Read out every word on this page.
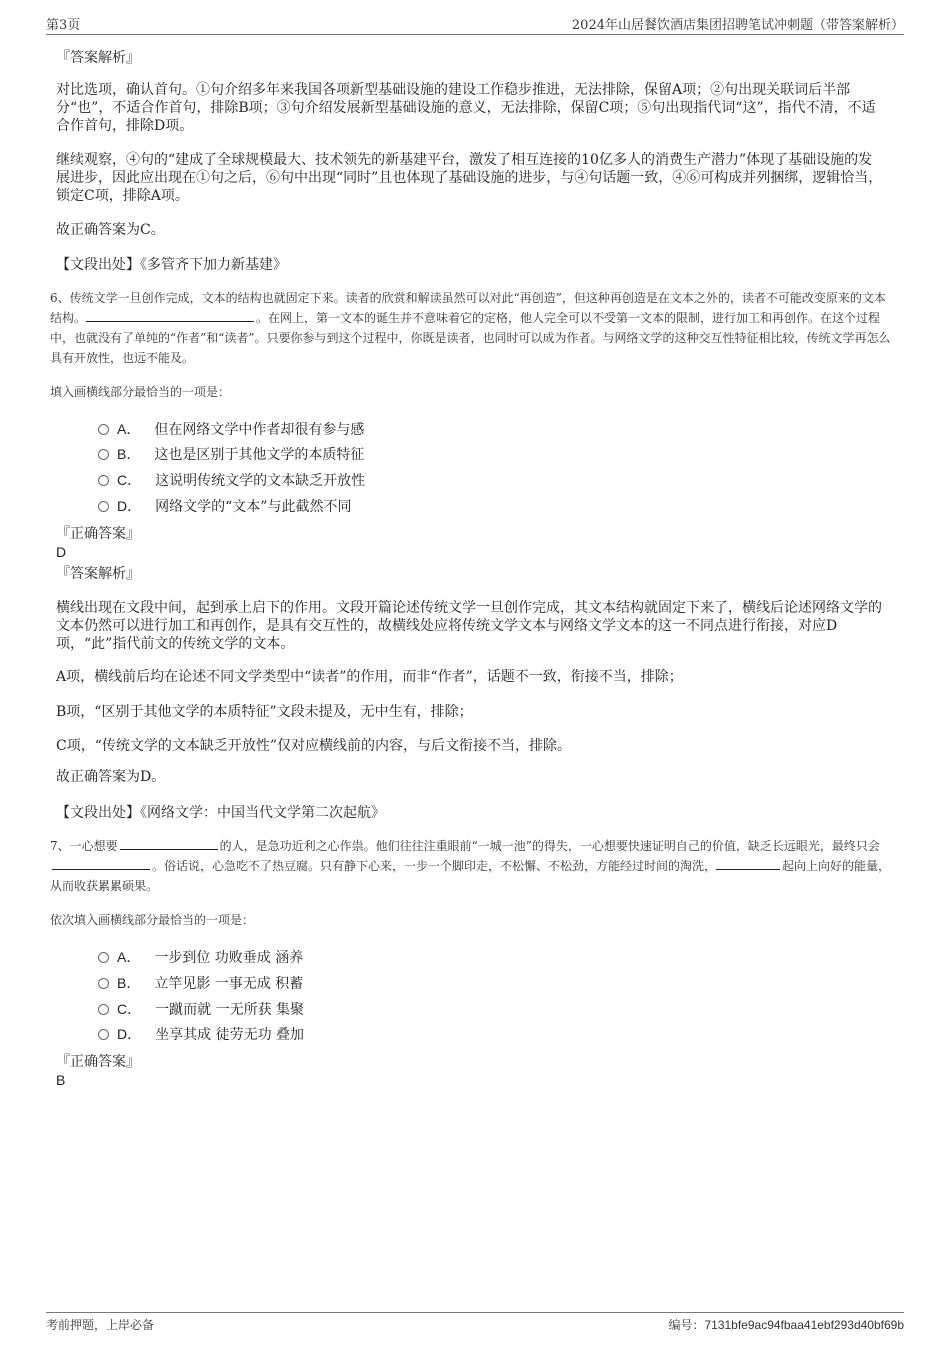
第3页	2024年山居餐饮酒店集团招聘笔试冲刺题（带答案解析）
『答案解析』
对比选项，确认首句。①句介绍多年来我国各项新型基础设施的建设工作稳步推进，无法排除，保留A项；②句出现关联词后半部分“也”，不适合作首句，排除B项；③句介绍发展新型基础设施的意义，无法排除，保留C项；⑤句出现指代词“这”，指代不清，不适合作首句，排除D项。
继续观察，④句的“建成了全球规模最大、技术领先的新基建平台，激发了相互连接的10亿多人的消费生产潜力”体现了基础设施的发展进步，因此应出现在①句之后，⑥句中出现“同时”且也体现了基础设施的进步，与④句话题一致，④⑥可构成并列捆绑，逻辑恰当，锁定C项，排除A项。
故正确答案为C。
【文段出处】《多管齐下加力新基建》
6、传统文学一旦创作完成，文本的结构也就固定下来。读者的欣赏和解读虽然可以对此“再创造”，但这种再创造是在文本之外的，读者不可能改变原来的文本结构。	。在网上，第一文本的诞生并不意味着它的定格，他人完全可以不受第一文本的限制，进行加工和再创作。在这个过程中，也就没有了单纯的“作者”和“读者”。只要你参与到这个过程中，你既是读者，也同时可以成为作者。与网络文学的这种交互性特征相比较，传统文学再怎么具有开放性，也远不能及。
填入画横线部分最恰当的一项是：
A． 但在网络文学中作者却很有参与感
B． 这也是区别于其他文学的本质特征
C． 这说明传统文学的文本缺乏开放性
D． 网络文学的“文本”与此截然不同
『正确答案』
D
『答案解析』
横线出现在文段中间，起到承上启下的作用。文段开篇论述传统文学一旦创作完成，其文本结构就固定下来了，横线后论述网络文学的文本仍然可以进行加工和再创作，是具有交互性的，故横线处应将传统文学文本与网络文学文本的这一不同点进行衔接，对应D项，“此”指代前文的传统文学的文本。
A项，横线前后均在论述不同文学类型中“读者”的作用，而非“作者”，话题不一致，衔接不当，排除；
B项，“区别于其他文学的本质特征”文段未提及，无中生有，排除；
C项，“传统文学的文本缺乏开放性”仅对应横线前的内容，与后文衔接不当，排除。
故正确答案为D。
【文段出处】《网络文学：中国当代文学第二次起航》
7、一心想要	的人，是急功近利之心作祟。他们往往注重眼前“一城一池”的得失，一心想要快速证明自己的价值，缺乏长远眼光，最终只会。俗话说，心急吃不了热豆腐。只有静下心来，一步一个脚印走，不松懈、不松劲，方能经过时间的淘洗，	起向上向好的能量，从而收获累累硕果。
依次填入画横线部分最恰当的一项是：
A． 一步到位 功败垂成 涵养
B． 立竿见影 一事无成 积蓄
C． 一蹴而就 一无所获 集聚
D． 坐享其成 徒劳无功 叠加
『正确答案』
B
考前押题，上岸必备	编号：7131bfe9ac94fbaa41ebf293d40bf69b
